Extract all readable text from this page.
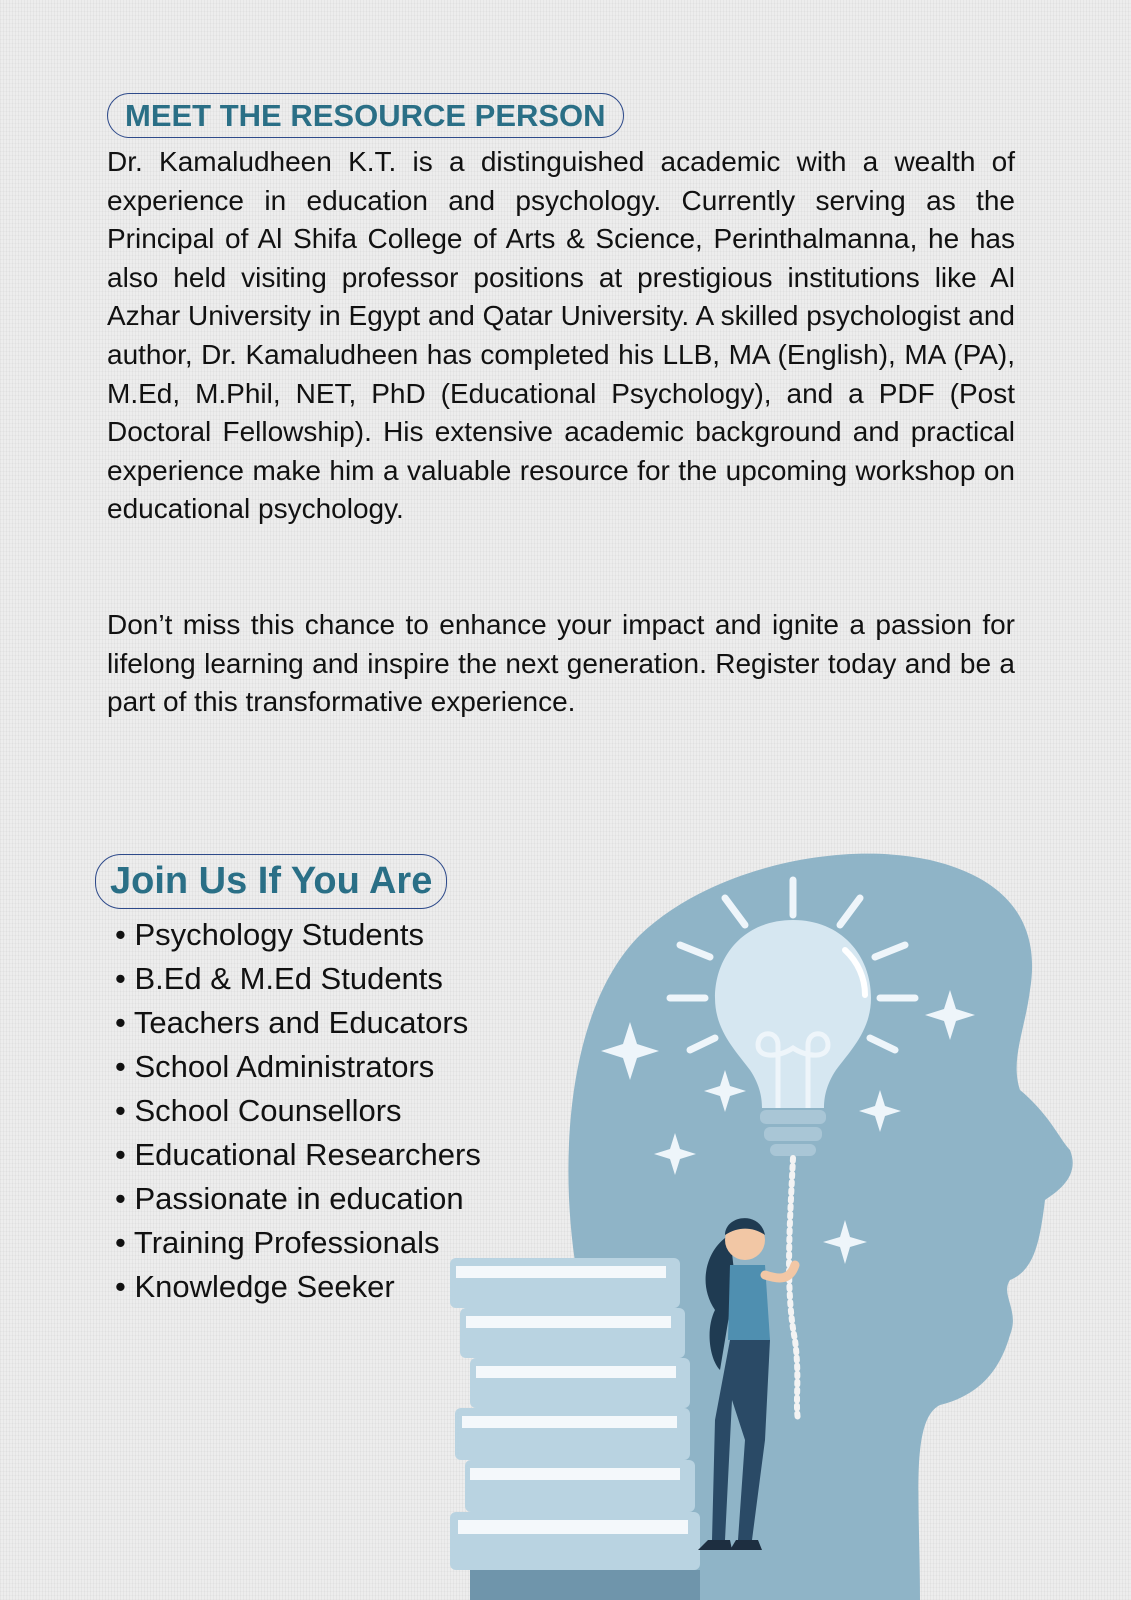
MEET THE RESOURCE PERSON

Dr. Kamaludheen K.T. is a distinguished academic with a wealth of experience in education and psychology. Currently serving as the Principal of Al Shifa College of Arts & Science, Perinthalmanna, he has also held visiting professor positions at prestigious institutions like Al Azhar University in Egypt and Qatar University. A skilled psychologist and author, Dr. Kamaludheen has completed his LLB, MA (English), MA (PA), M.Ed, M.Phil, NET, PhD (Educational Psychology), and a PDF (Post Doctoral Fellowship). His extensive academic background and practical experience make him a valuable resource for the upcoming workshop on educational psychology.

Don’t miss this chance to enhance your impact and ignite a passion for lifelong learning and inspire the next generation. Register today and be a part of this transformative experience.

Join Us If You Are
• Psychology Students
• B.Ed & M.Ed Students
• Teachers and Educators
• School Administrators
• School Counsellors
• Educational Researchers
• Passionate in education
• Training Professionals
• Knowledge Seeker
